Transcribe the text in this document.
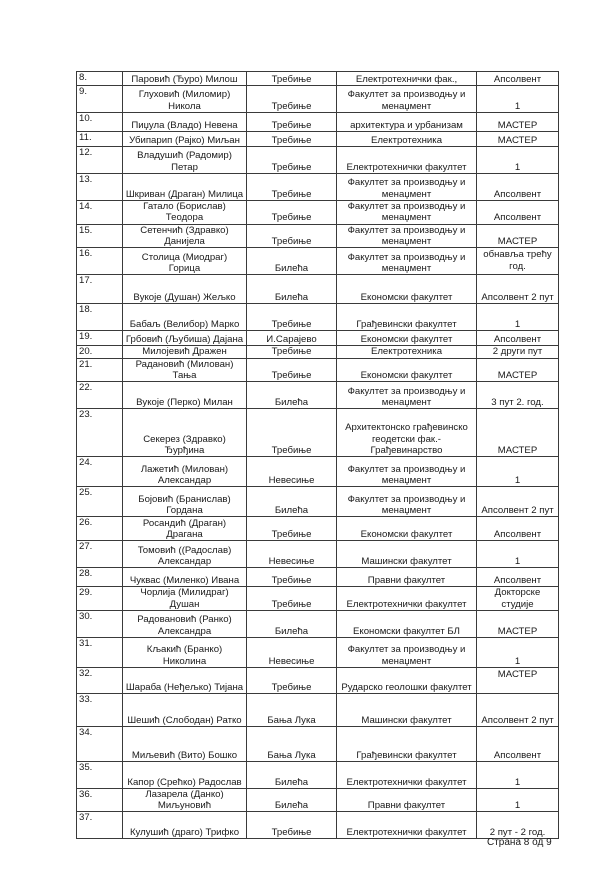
8.	Паровић (Ђуро) Милош	Требиње	Електротехнички фак.,	Апсолвент
9.	Глуховић (Миломир) Никола	Требиње	Факултет за производњу и менаџмент	1
10.	Пиџула (Владо) Невена	Требиње	архитектура и урбанизам	МАСТЕР
11.	Убипарип (Рајко) Миљан	Требиње	Електротехника	МАСТЕР
12.	Владушић (Радомир) Петар	Требиње	Електротехнички факултет	1
13.	Шкриван (Драган) Милица	Требиње	Факултет за производњу и менаџмент	Апсолвент
14.	Гатало (Борислав) Теодора	Требиње	Факултет за производњу и менаџмент	Апсолвент
15.	Сетенчић (Здравко) Данијела	Требиње	Факултет за производњу и менаџмент	МАСТЕР
16.	Столица (Миодраг) Горица	Билећа	Факултет за производњу и менаџмент	обнавља трећу год.
17.	Вукоје (Душан) Жељко	Билећа	Економски факултет	Апсолвент 2 пут
18.	Бабаљ (Велибор) Марко	Требиње	Грађевински факултет	1
19.	Грбовић (Љубиша) Дајана	И.Сарајево	Економски факултет	Апсолвент
20.	Милојевић Дражен	Требиње	Електротехника	2 други пут
21.	Радановић (Милован) Тања	Требиње	Економски факултет	МАСТЕР
22.	Вукоје (Перко) Милан	Билећа	Факултет за производњу и менаџмент	3 пут 2. год.
23.	Секерез (Здравко) Ђурђина	Требиње	Архитектонско грађевинско геодетски фак.-Грађевинарство	МАСТЕР
24.	Лажетић (Милован) Александар	Невесиње	Факултет за производњу и менаџмент	1
25.	Бојовић (Бранислав) Гордана	Билећа	Факултет за производњу и менаџмент	Апсолвент 2 пут
26.	Росандић (Драган) Драгана	Требиње	Економски факултет	Апсолвент
27.	Томовић ((Радослав) Александар	Невесиње	Машински факултет	1
28.	Чуквас (Миленко) Ивана	Требиње	Правни факултет	Апсолвент
29.	Чорлија (Милидраг) Душан	Требиње	Електротехнички факултет	Докторске студије
30.	Радовановић (Ранко) Александра	Билећа	Економски факултет БЛ	МАСТЕР
31.	Кљакић (Бранко) Николина	Невесиње	Факултет за производњу и менаџмент	1
32.	Шараба (Неђељко) Тијана	Требиње	Рударско геолошки факултет	МАСТЕР
33.	Шешић (Слободан) Ратко	Бања Лука	Машински факултет	Апсолвент 2 пут
34.	Миљевић (Вито) Бошко	Бања Лука	Грађевински факултет	Апсолвент
35.	Капор (Срећко) Радослав	Билећа	Електротехнички факултет	1
36.	Лазарела (Данко) Миљуновић	Билећа	Правни факултет	1
37.	Кулушић (драго) Трифко	Требиње	Електротехнички факултет	2 пут - 2 год.
Страна 8 од 9
